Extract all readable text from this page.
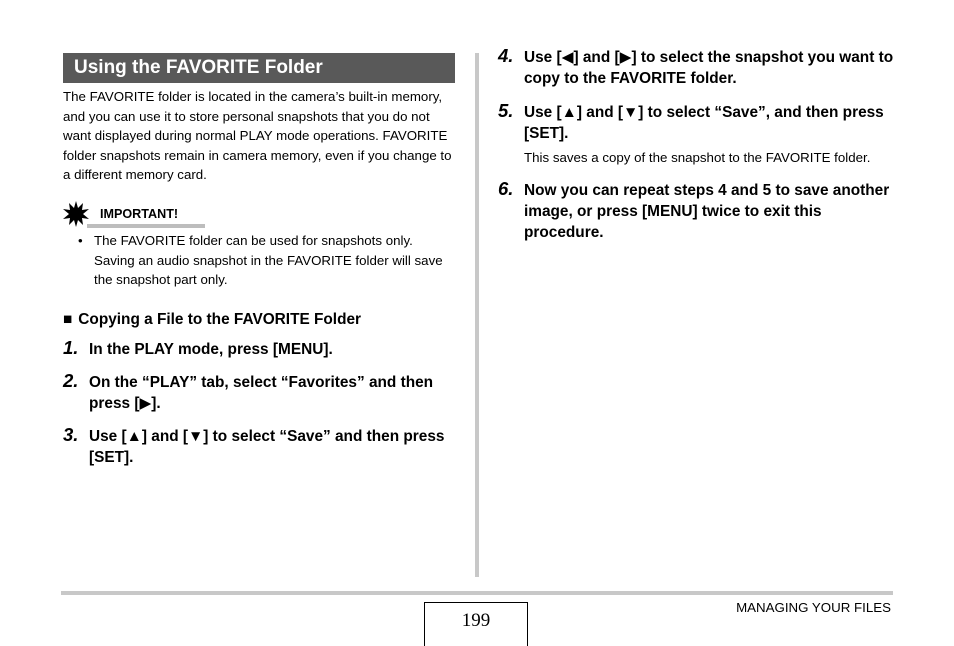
Using the FAVORITE Folder

The FAVORITE folder is located in the camera’s built-in memory, and you can use it to store personal snapshots that you do not want displayed during normal PLAY mode operations. FAVORITE folder snapshots remain in camera memory, even if you change to a different memory card.

IMPORTANT!
• The FAVORITE folder can be used for snapshots only. Saving an audio snapshot in the FAVORITE folder will save the snapshot part only.
■ Copying a File to the FAVORITE Folder
1. In the PLAY mode, press [MENU].
2. On the “PLAY” tab, select “Favorites” and then press [▶].
3. Use [▲] and [▼] to select “Save” and then press [SET].
4. Use [◀] and [▶] to select the snapshot you want to copy to the FAVORITE folder.
5. Use [▲] and [▼] to select “Save”, and then press [SET].
This saves a copy of the snapshot to the FAVORITE folder.
6. Now you can repeat steps 4 and 5 to save another image, or press [MENU] twice to exit this procedure.
199
MANAGING YOUR FILES
